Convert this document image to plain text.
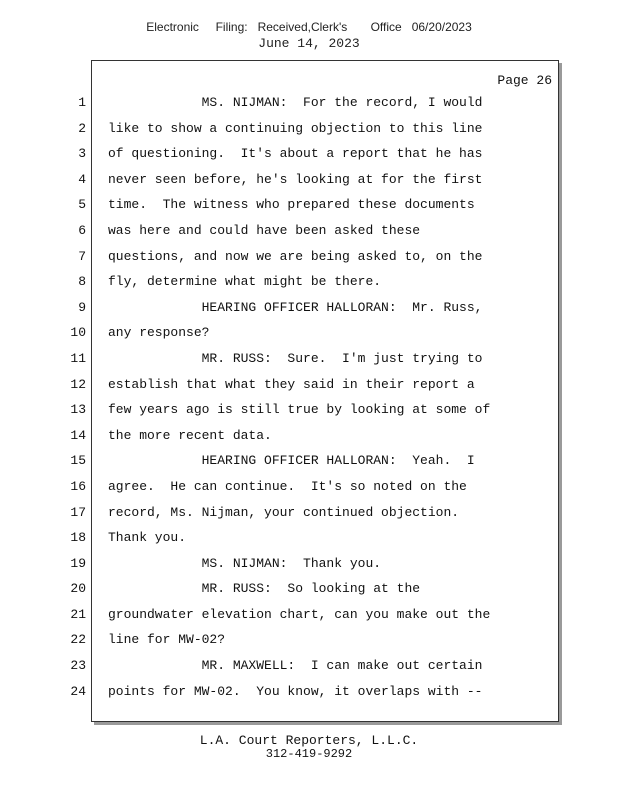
Electronic     Filing:   Received,Clerk's       Office   06/20/2023
June 14, 2023
Page 26
1
2
3
4
5
6
7
8
9
10
11
12
13
14
15
16
17
18
19
20
21
22
23
24
MS. NIJMAN:  For the record, I would
like to show a continuing objection to this line
of questioning.  It's about a report that he has
never seen before, he's looking at for the first
time.  The witness who prepared these documents
was here and could have been asked these
questions, and now we are being asked to, on the
fly, determine what might be there.
HEARING OFFICER HALLORAN:  Mr. Russ,
any response?
MR. RUSS:  Sure.  I'm just trying to
establish that what they said in their report a
few years ago is still true by looking at some of
the more recent data.
HEARING OFFICER HALLORAN:  Yeah.  I
agree.  He can continue.  It's so noted on the
record, Ms. Nijman, your continued objection.
Thank you.
MS. NIJMAN:  Thank you.
MR. RUSS:  So looking at the
groundwater elevation chart, can you make out the
line for MW-02?
MR. MAXWELL:  I can make out certain
points for MW-02.  You know, it overlaps with --
L.A. Court Reporters, L.L.C.
312-419-9292
